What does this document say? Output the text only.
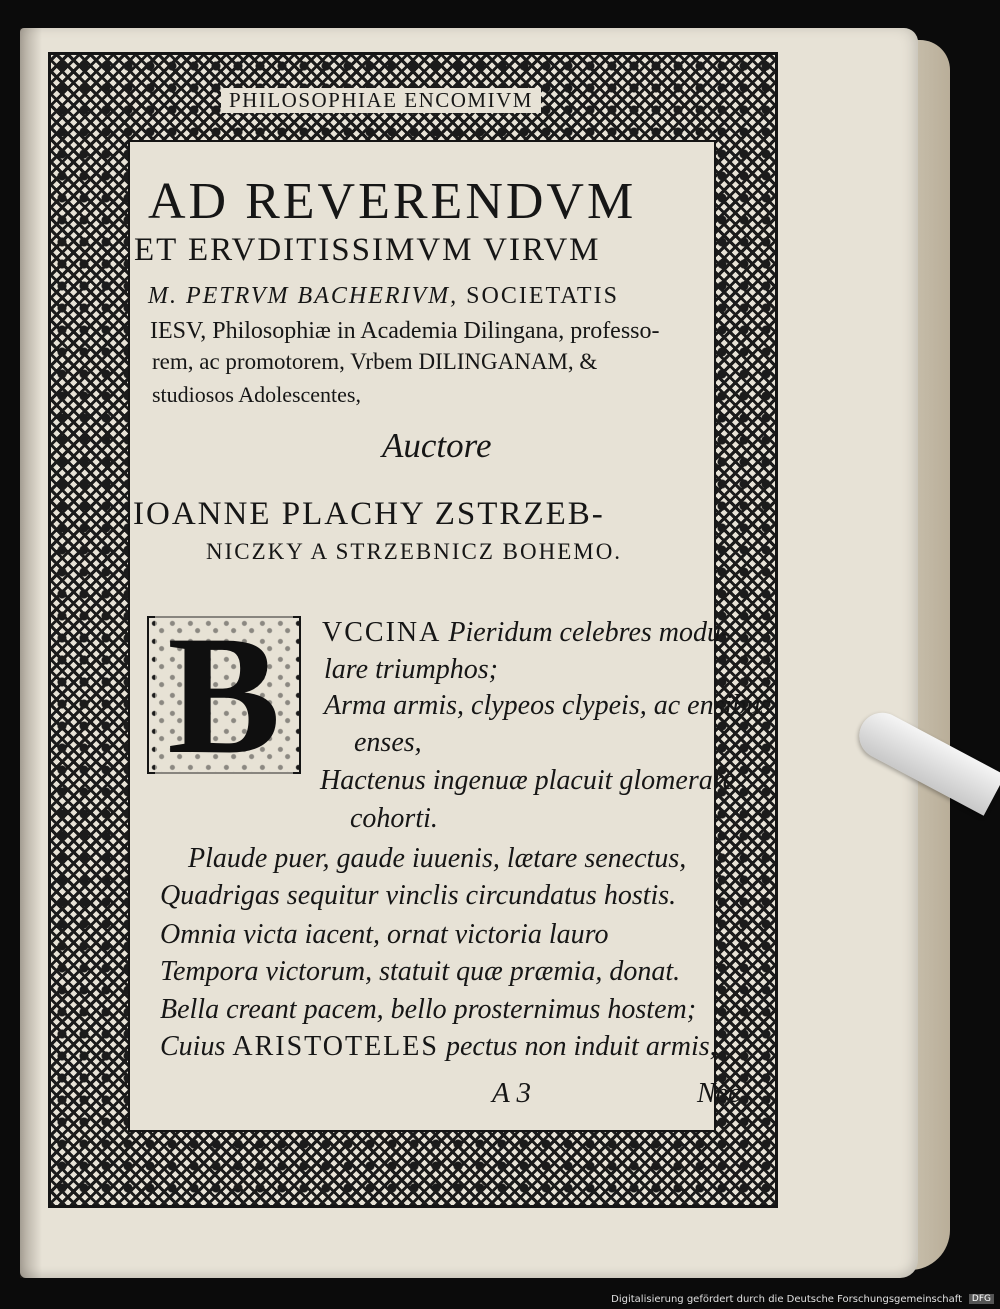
PHILOSOPHIAE ENCOMIVM
AD REVERENDVM
ET ERVDITISSIMVM VIRVM
M. PETRVM BACHERIVM, SOCIETATIS
IESV, Philosophiæ in Academia Dilingana, professo-
rem, ac promotorem, Vrbem DILINGANAM, &
studiosos Adolescentes,
Auctore
IOANNE PLACHY ZSTRZEB-
NICZKY A STRZEBNICZ BOHEMO.
B	VCCINA Pieridum celebres modu-
lare triumphos;
Arma armis, clypeos clypeis, ac ensibus
enses,
Hactenus ingenuæ placuit glomerare
cohorti.
Plaude puer, gaude iuuenis, lætare senectus,
Quadrigas sequitur vinclis circundatus hostis.
Omnia victa iacent, ornat victoria lauro
Tempora victorum, statuit quæ præmia, donat.
Bella creant pacem, bello prosternimus hostem;
Cuius ARISTOTELES pectus non induit armis,
A 3	Nec
Digitalisierung gefördert durch die Deutsche Forschungsgemeinschaft	DFG
